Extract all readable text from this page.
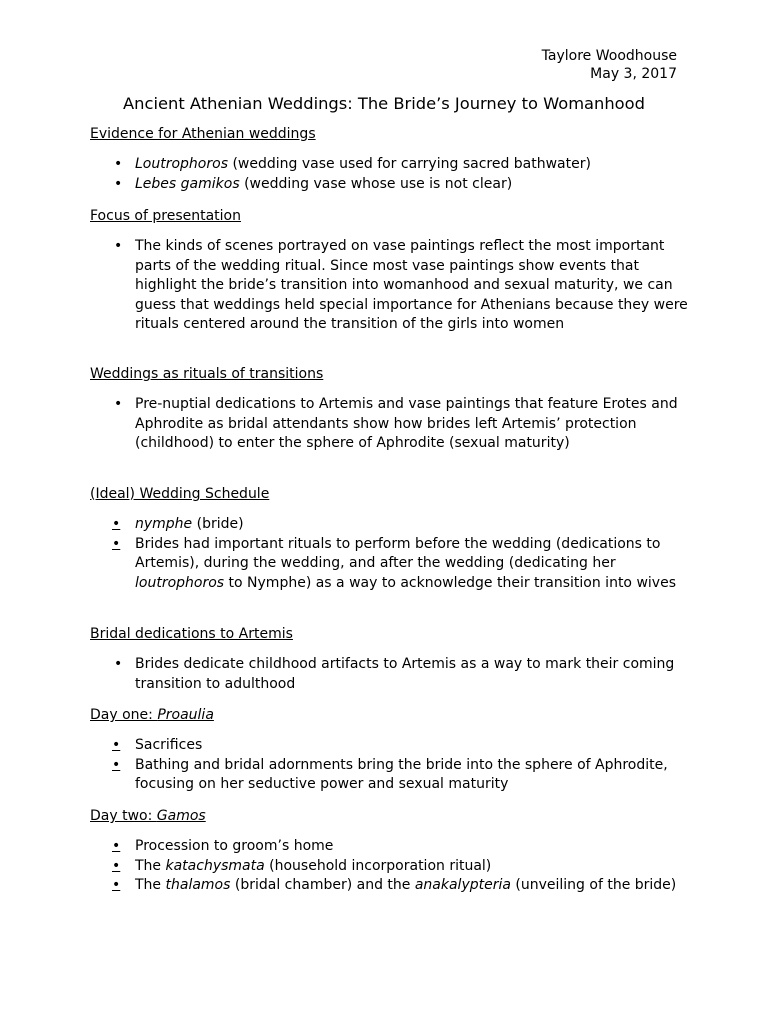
Taylore Woodhouse
May 3, 2017
Ancient Athenian Weddings: The Bride’s Journey to Womanhood
Evidence for Athenian weddings
• Loutrophoros (wedding vase used for carrying sacred bathwater)
• Lebes gamikos (wedding vase whose use is not clear)
Focus of presentation
• The kinds of scenes portrayed on vase paintings reflect the most important parts of the wedding ritual. Since most vase paintings show events that highlight the bride’s transition into womanhood and sexual maturity, we can guess that weddings held special importance for Athenians because they were rituals centered around the transition of the girls into women
Weddings as rituals of transitions
• Pre-nuptial dedications to Artemis and vase paintings that feature Erotes and Aphrodite as bridal attendants show how brides left Artemis’ protection (childhood) to enter the sphere of Aphrodite (sexual maturity)
(Ideal) Wedding Schedule
•	nymphe (bride)
•	Brides had important rituals to perform before the wedding (dedications to Artemis), during the wedding, and after the wedding (dedicating her loutrophoros to Nymphe) as a way to acknowledge their transition into wives
Bridal dedications to Artemis
• Brides dedicate childhood artifacts to Artemis as a way to mark their coming transition to adulthood
Day one: Proaulia
•	Sacrifices
•	Bathing and bridal adornments bring the bride into the sphere of Aphrodite, focusing on her seductive power and sexual maturity
Day two: Gamos
•	Procession to groom’s home
•	The katachysmata (household incorporation ritual)
•	The thalamos (bridal chamber) and the anakalypteria (unveiling of the bride)
